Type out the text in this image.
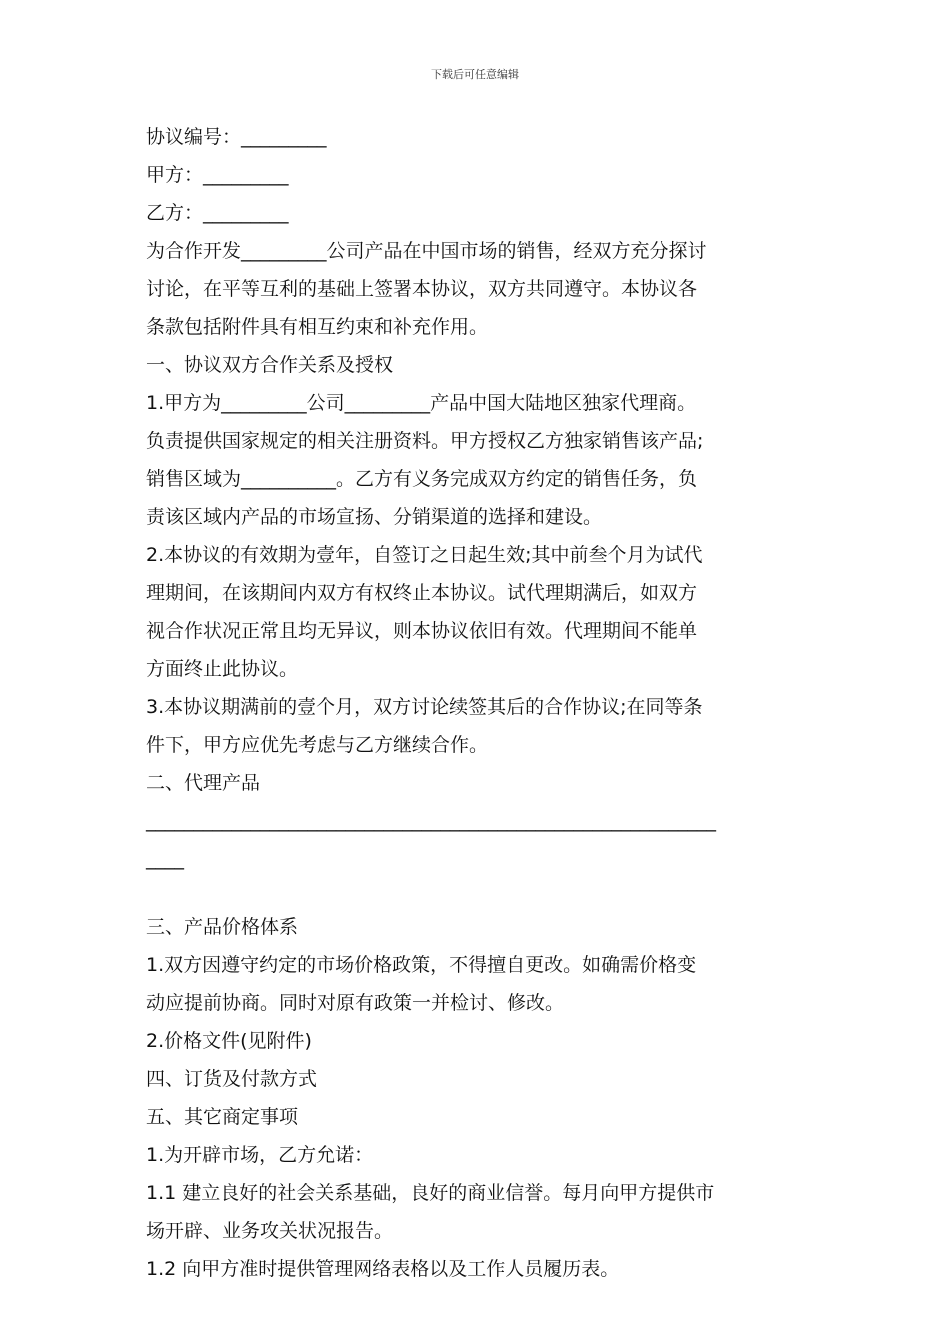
下载后可任意编辑

协议编号：_________

甲方：_________

乙方：_________

为合作开发_________公司产品在中国市场的销售，经双方充分探讨

讨论，在平等互利的基础上签署本协议，双方共同遵守。本协议各

条款包括附件具有相互约束和补充作用。

一、协议双方合作关系及授权

1.甲方为_________公司_________产品中国大陆地区独家代理商。

负责提供国家规定的相关注册资料。甲方授权乙方独家销售该产品;

销售区域为__________。乙方有义务完成双方约定的销售任务，负

责该区域内产品的市场宣扬、分销渠道的选择和建设。

2.本协议的有效期为壹年，自签订之日起生效;其中前叁个月为试代

理期间，在该期间内双方有权终止本协议。试代理期满后，如双方

视合作状况正常且均无异议，则本协议依旧有效。代理期间不能单

方面终止此协议。

3.本协议期满前的壹个月，双方讨论续签其后的合作协议;在同等条

件下，甲方应优先考虑与乙方继续合作。

二、代理产品

____________________________________________________________

____

三、产品价格体系

1.双方因遵守约定的市场价格政策，不得擅自更改。如确需价格变

动应提前协商。同时对原有政策一并检讨、修改。

2.价格文件(见附件)

四、订货及付款方式

五、其它商定事项

1.为开辟市场，乙方允诺：

1.1 建立良好的社会关系基础，良好的商业信誉。每月向甲方提供市

场开辟、业务攻关状况报告。

1.2 向甲方准时提供管理网络表格以及工作人员履历表。
